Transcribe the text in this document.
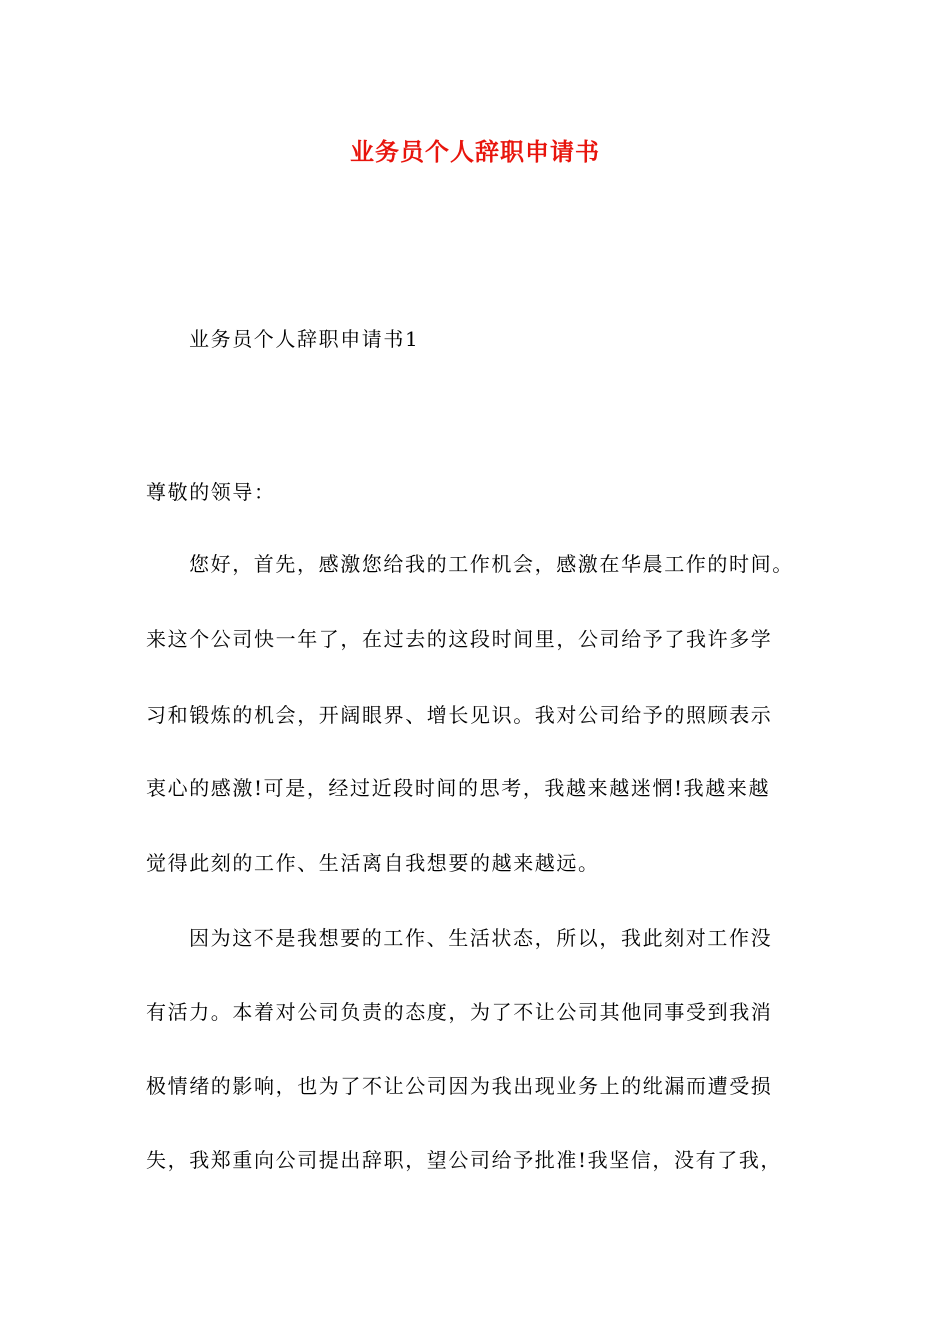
业务员个人辞职申请书
业务员个人辞职申请书1
尊敬的领导：
您好，首先，感激您给我的工作机会，感激在华晨工作的时间。
来这个公司快一年了，在过去的这段时间里，公司给予了我许多学
习和锻炼的机会，开阔眼界、增长见识。我对公司给予的照顾表示
衷心的感激!可是，经过近段时间的思考，我越来越迷惘!我越来越
觉得此刻的工作、生活离自我想要的越来越远。
因为这不是我想要的工作、生活状态，所以，我此刻对工作没
有活力。本着对公司负责的态度，为了不让公司其他同事受到我消
极情绪的影响，也为了不让公司因为我出现业务上的纰漏而遭受损
失，我郑重向公司提出辞职，望公司给予批准!我坚信，没有了我，
